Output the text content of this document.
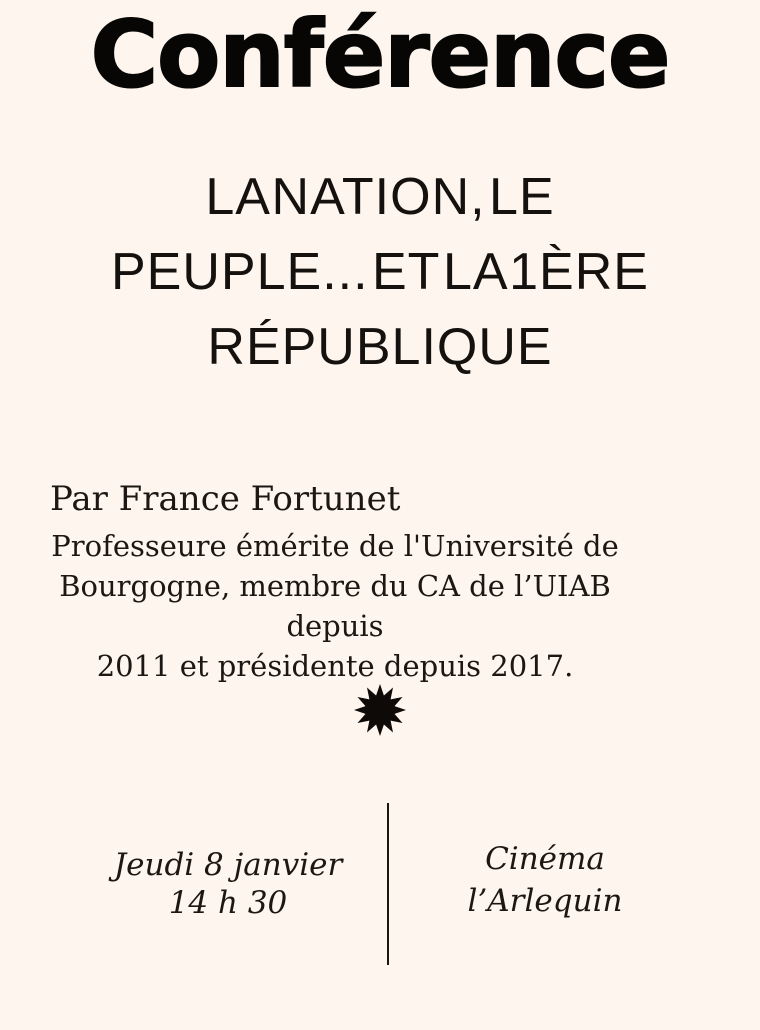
Conférence
LA NATION, LE
PEUPLE... ET LA 1ÈRE
RÉPUBLIQUE
Par France Fortunet
Professeure émérite de l'Université de
Bourgogne, membre du CA de l’UIAB depuis
2011 et présidente depuis 2017.
Jeudi 8 janvier
14 h 30
Cinéma
l’Arlequin
